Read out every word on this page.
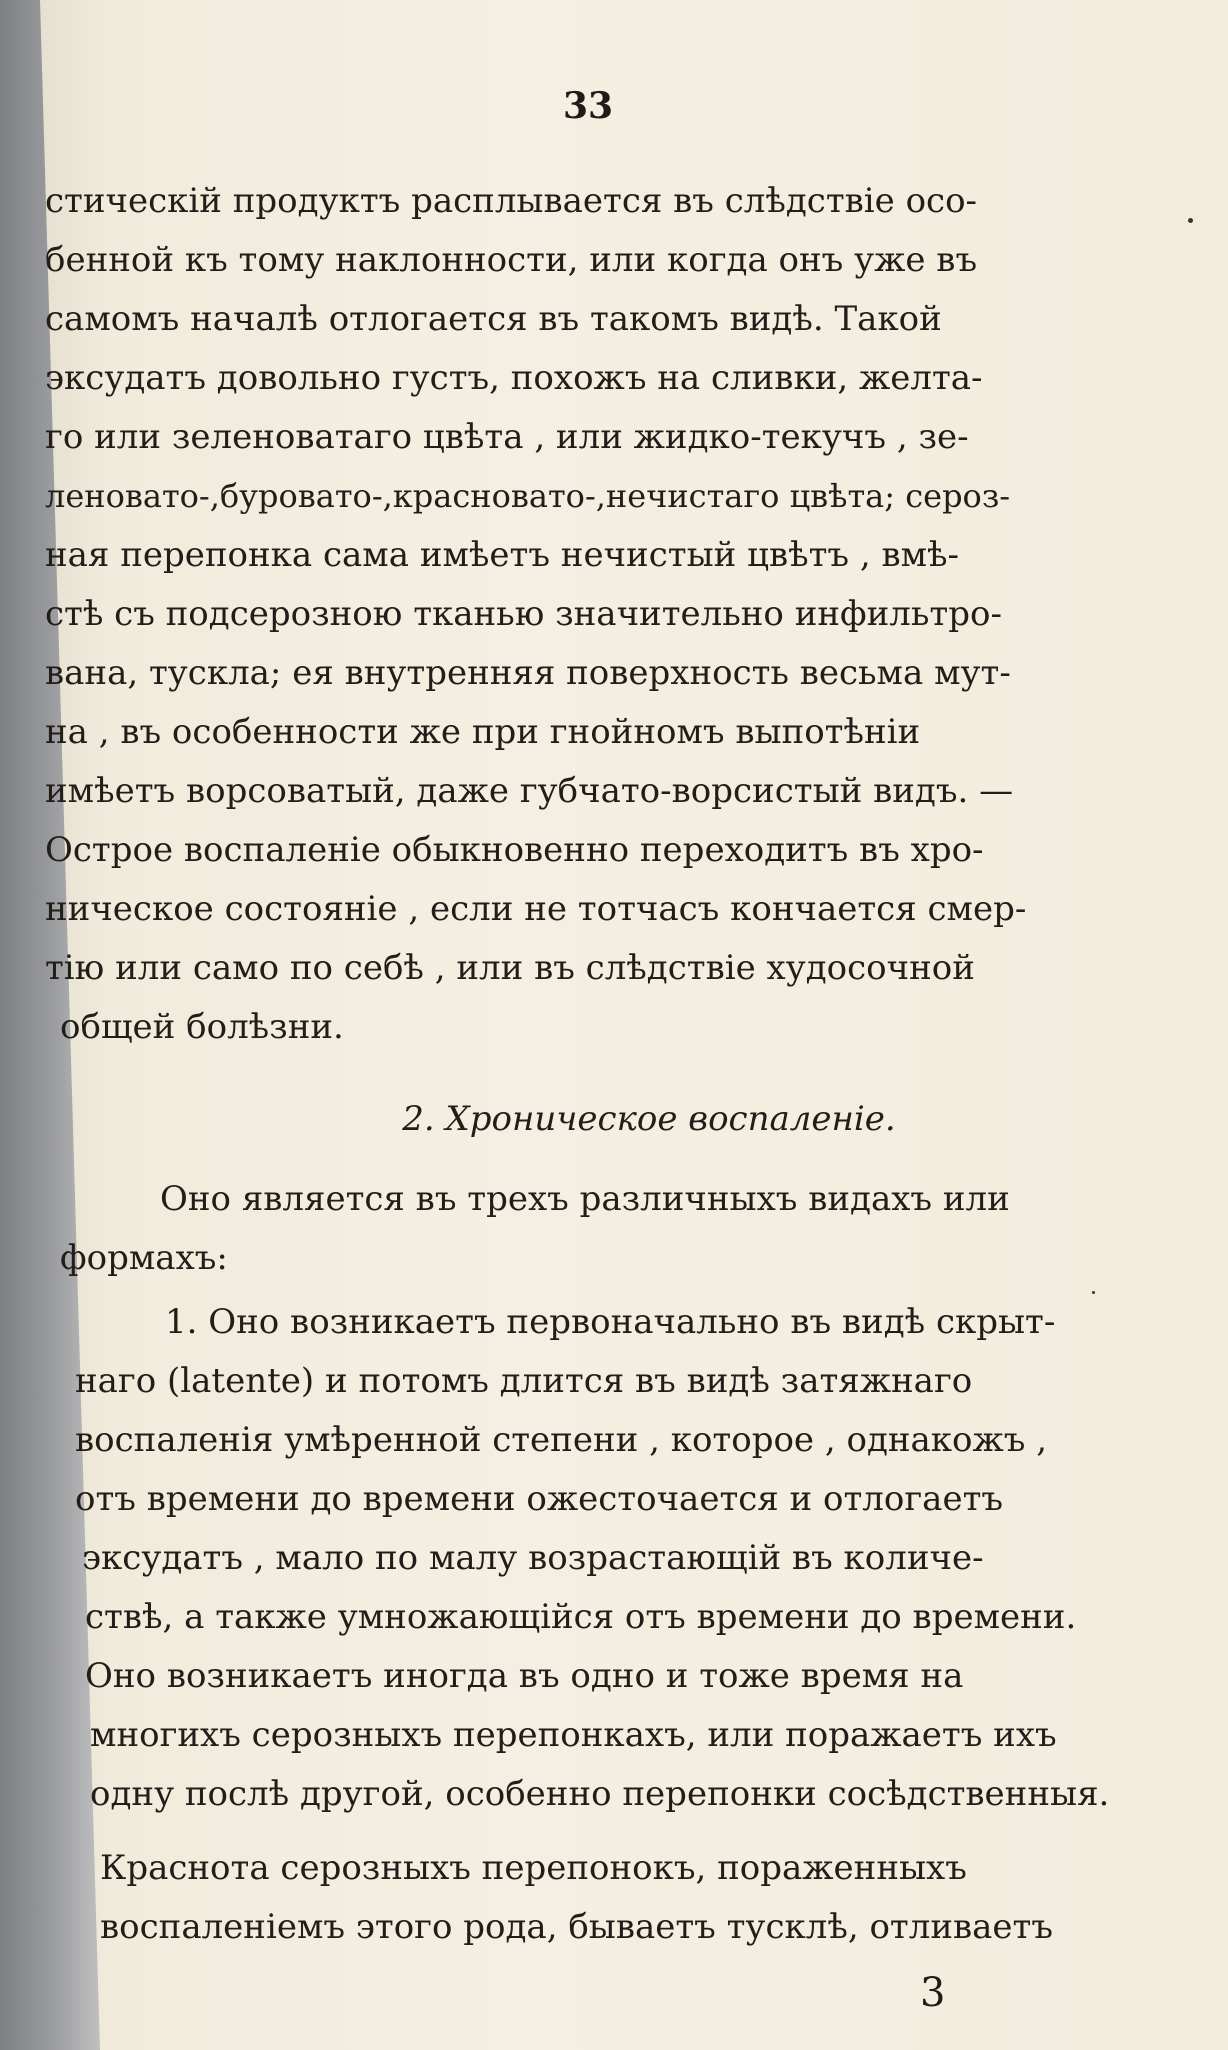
33
стическій продуктъ расплывается въ слѣдствіе осо-
бенной къ тому наклонности, или когда онъ уже въ
самомъ началѣ отлогается въ такомъ видѣ. Такой
эксудатъ довольно густъ, похожъ на сливки, желта-
го или зеленоватаго цвѣта , или жидко-текучъ , зе-
леновато-,буровато-,красновато-,нечистаго цвѣта; сероз-
ная перепонка сама имѣетъ нечистый цвѣтъ , вмѣ-
стѣ съ подсерозною тканью значительно инфильтро-
вана, тускла; ея внутренняя поверхность весьма мут-
на , въ особенности же при гнойномъ выпотѣніи
имѣетъ ворсоватый, даже губчато-ворсистый видъ. —
Острое воспаленіе обыкновенно переходитъ въ хро-
ническое состояніе , если не тотчасъ кончается смер-
тію или само по себѣ , или въ слѣдствіе худосочной
общей болѣзни.
2. Хроническое воспаленіе.
Оно является въ трехъ различныхъ видахъ или
формахъ:
1. Оно возникаетъ первоначально въ видѣ скрыт-
наго (latente) и потомъ длится въ видѣ затяжнаго
воспаленія умѣренной степени , которое , однакожъ ,
отъ времени до времени ожесточается и отлогаетъ
эксудатъ , мало по малу возрастающій въ количе-
ствѣ, а также умножающійся отъ времени до времени.
Оно возникаетъ иногда въ одно и тоже время на
многихъ серозныхъ перепонкахъ, или поражаетъ ихъ
одну послѣ другой, особенно перепонки сосѣдственныя.
Краснота серозныхъ перепонокъ, пораженныхъ
воспаленіемъ этого рода, бываетъ тусклѣ, отливаетъ
3
